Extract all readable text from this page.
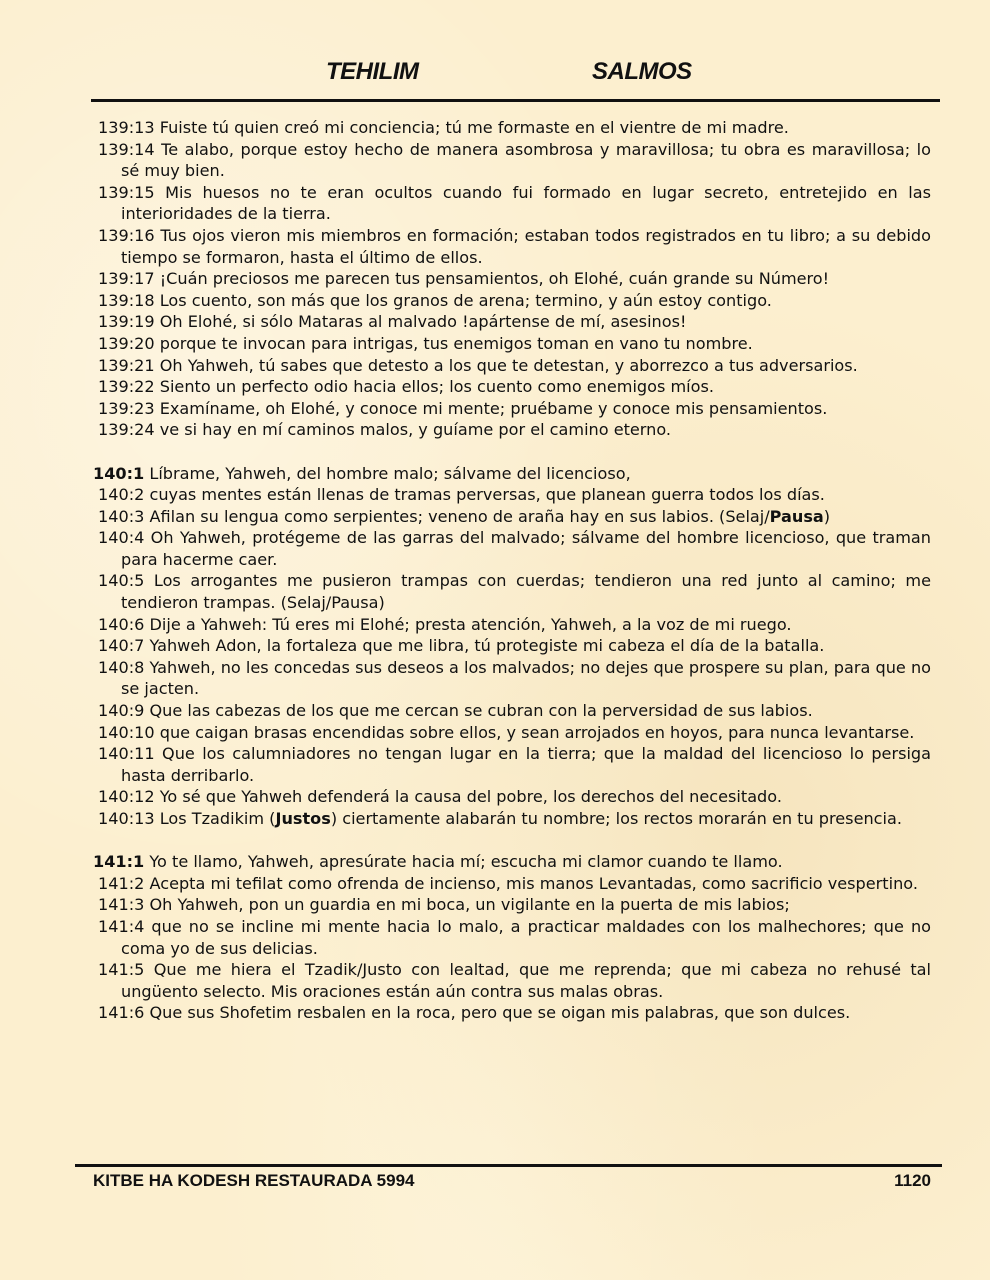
TEHILIM	SALMOS
139:13 Fuiste tú quien creó mi conciencia; tú me formaste en el vientre de mi madre.
139:14 Te alabo, porque estoy hecho de manera asombrosa y maravillosa; tu obra es maravillosa; lo sé muy bien.
139:15 Mis huesos no te eran ocultos cuando fui formado en lugar secreto, entretejido en las interioridades de la tierra.
139:16 Tus ojos vieron mis miembros en formación; estaban todos registrados en tu libro; a su debido tiempo se formaron, hasta el último de ellos.
139:17 ¡Cuán preciosos me parecen tus pensamientos, oh Elohé, cuán grande su Número!
139:18 Los cuento, son más que los granos de arena; termino, y aún estoy contigo.
139:19 Oh Elohé, si sólo Mataras al malvado !apártense de mí, asesinos!
139:20 porque te invocan para intrigas, tus enemigos toman en vano tu nombre.
139:21 Oh Yahweh, tú sabes que detesto a los que te detestan, y aborrezco a tus adversarios.
139:22 Siento un perfecto odio hacia ellos; los cuento como enemigos míos.
139:23 Examíname, oh Elohé, y conoce mi mente; pruébame y conoce mis pensamientos.
139:24 ve si hay en mí caminos malos, y guíame por el camino eterno.
140:1 Líbrame, Yahweh, del hombre malo; sálvame del licencioso,
140:2 cuyas mentes están llenas de tramas perversas, que planean guerra todos los días.
140:3 Afilan su lengua como serpientes; veneno de araña hay en sus labios. (Selaj/Pausa)
140:4 Oh Yahweh, protégeme de las garras del malvado; sálvame del hombre licencioso, que traman para hacerme caer.
140:5 Los arrogantes me pusieron trampas con cuerdas; tendieron una red junto al camino; me tendieron trampas. (Selaj/Pausa)
140:6 Dije a Yahweh: Tú eres mi Elohé; presta atención, Yahweh, a la voz de mi ruego.
140:7 Yahweh Adon, la fortaleza que me libra, tú protegiste mi cabeza el día de la batalla.
140:8 Yahweh, no les concedas sus deseos a los malvados; no dejes que prospere su plan, para que no se jacten.
140:9 Que las cabezas de los que me cercan se cubran con la perversidad de sus labios.
140:10 que caigan brasas encendidas sobre ellos, y sean arrojados en hoyos, para nunca levantarse.
140:11 Que los calumniadores no tengan lugar en la tierra; que la maldad del licencioso lo persiga hasta derribarlo.
140:12 Yo sé que Yahweh defenderá la causa del pobre, los derechos del necesitado.
140:13 Los Tzadikim (Justos) ciertamente alabarán tu nombre; los rectos morarán en tu presencia.
141:1 Yo te llamo, Yahweh, apresúrate hacia mí; escucha mi clamor cuando te llamo.
141:2 Acepta mi tefilat como ofrenda de incienso, mis manos Levantadas, como sacrificio vespertino.
141:3 Oh Yahweh, pon un guardia en mi boca, un vigilante en la puerta de mis labios;
141:4 que no se incline mi mente hacia lo malo, a practicar maldades con los malhechores; que no coma yo de sus delicias.
141:5 Que me hiera el Tzadik/Justo con lealtad, que me reprenda; que mi cabeza no rehusé tal ungüento selecto. Mis oraciones están aún contra sus malas obras.
141:6 Que sus Shofetim resbalen en la roca, pero que se oigan mis palabras, que son dulces.
KITBE HA KODESH RESTAURADA 5994	1120
